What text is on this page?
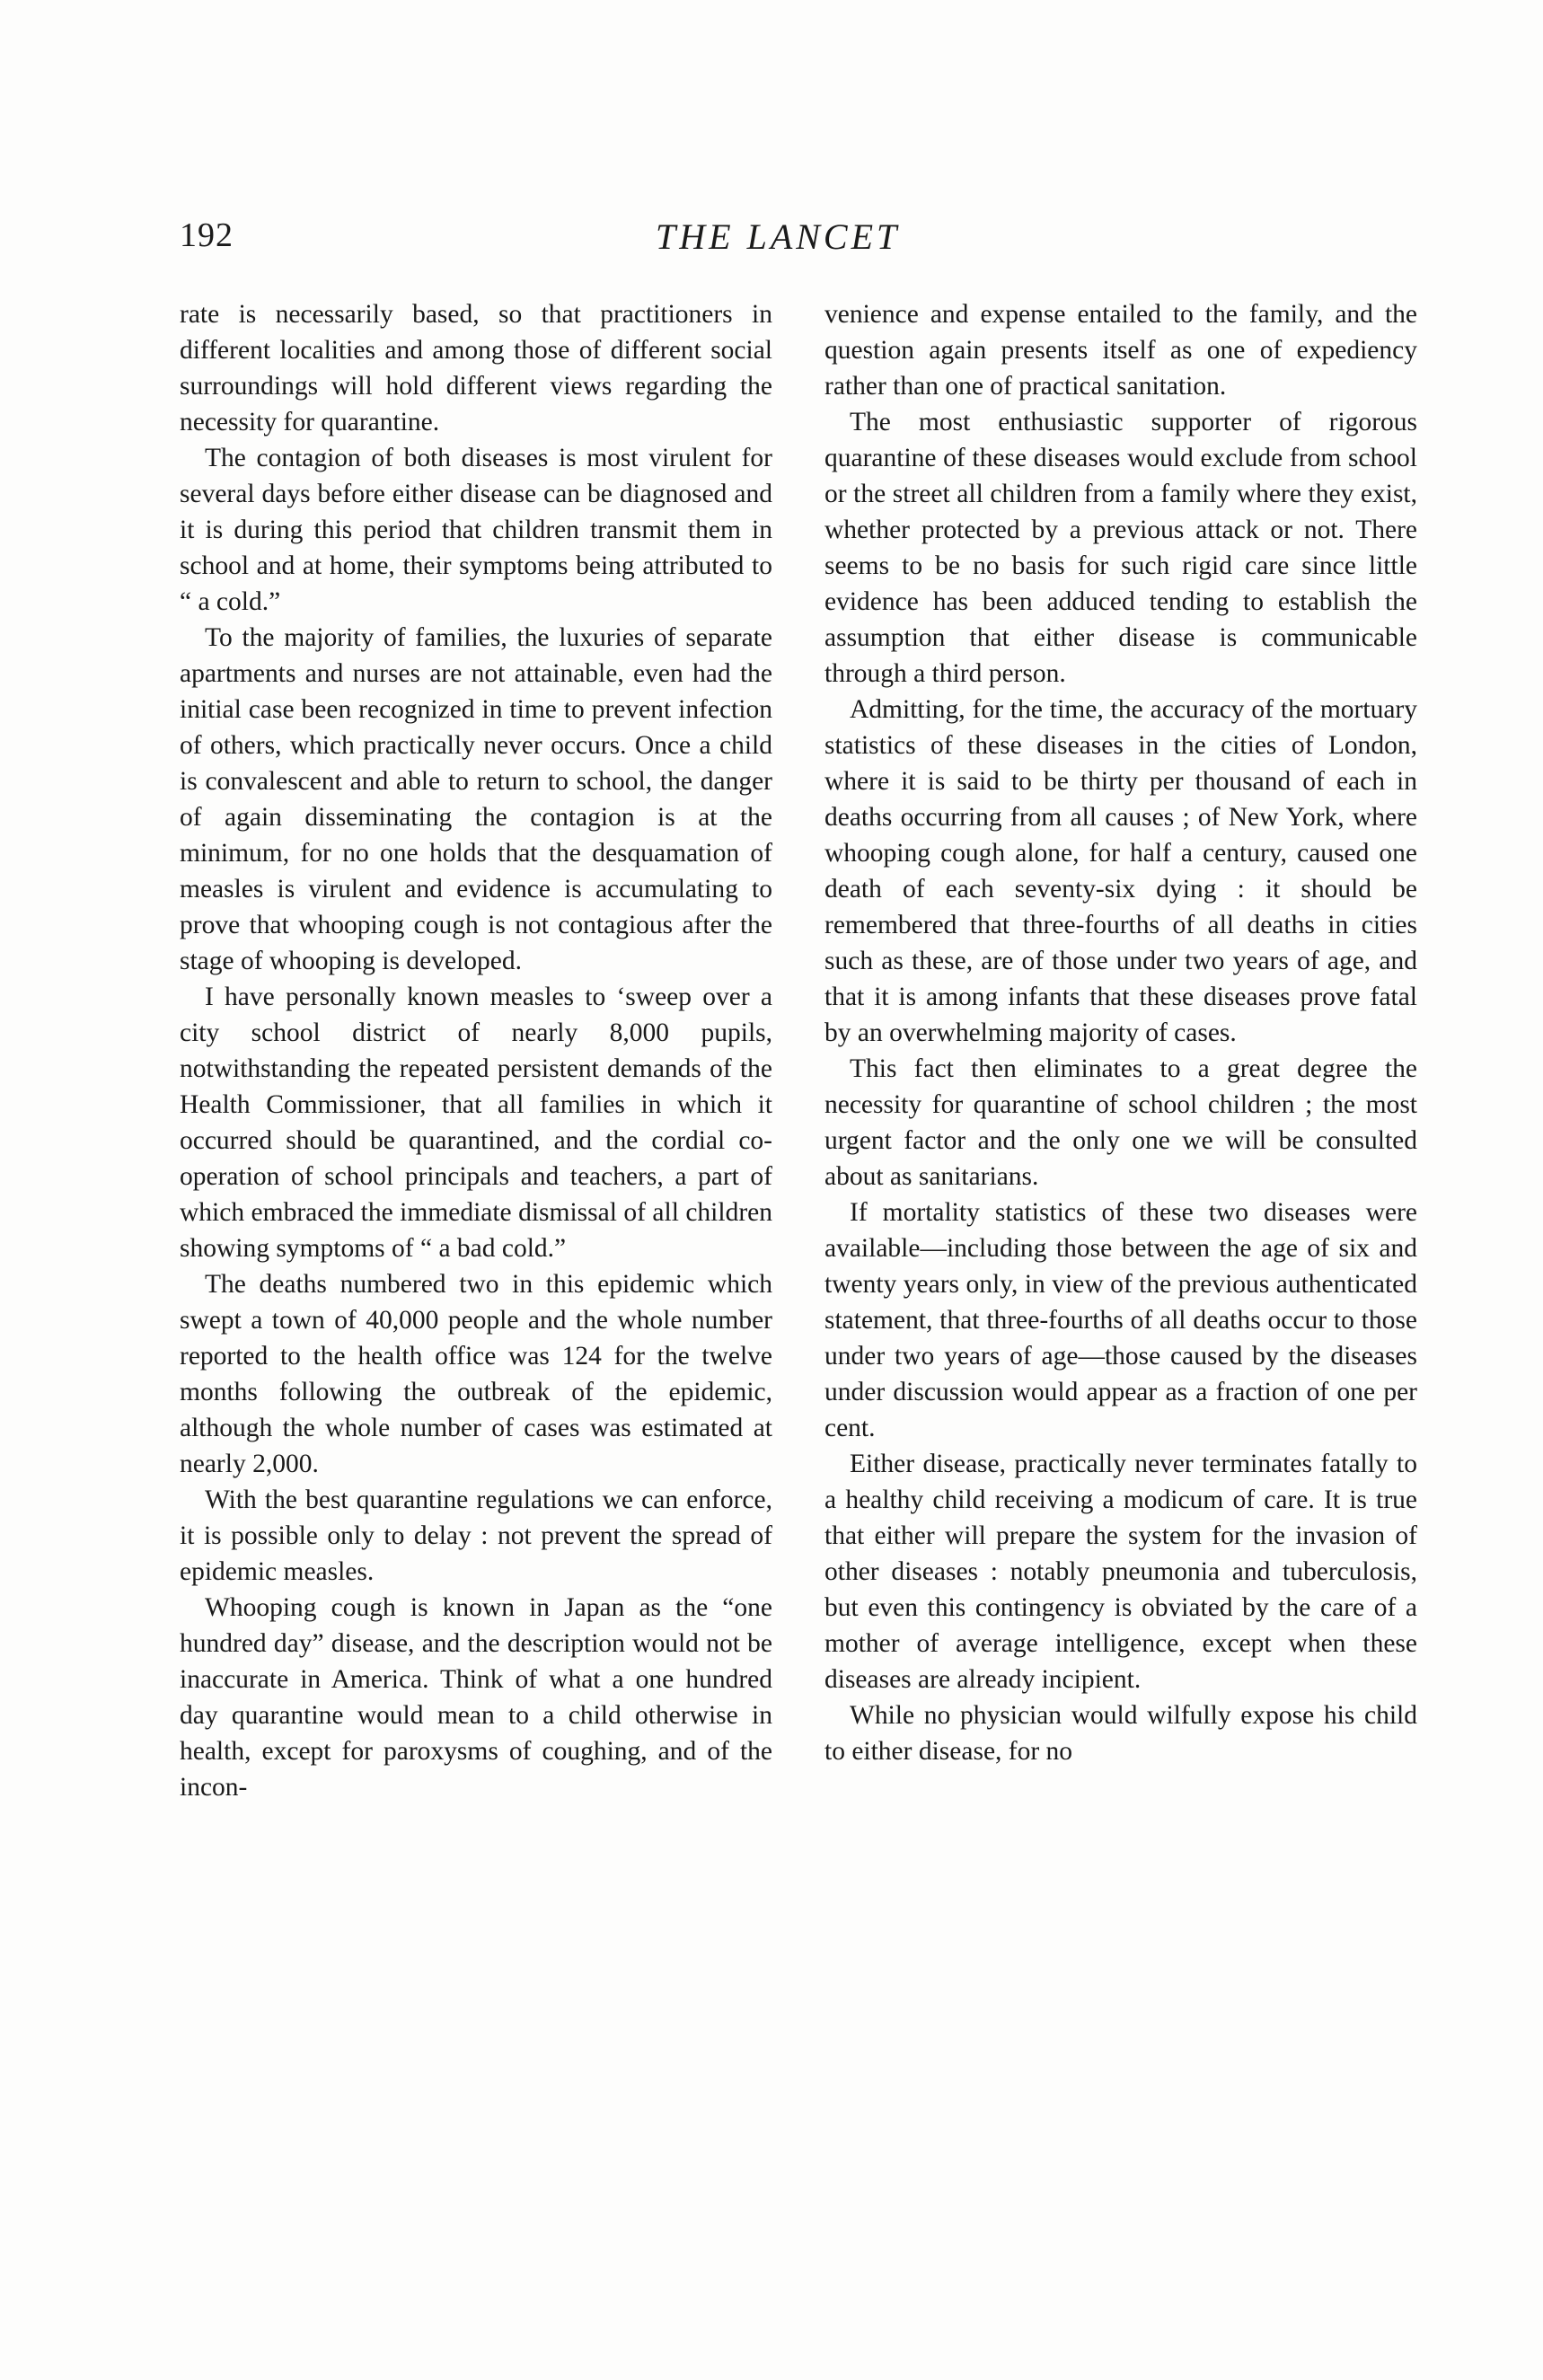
192	THE LANCET

rate is necessarily based, so that practitioners in different localities and among those of different social surroundings will hold different views regarding the necessity for quarantine.

The contagion of both diseases is most virulent for several days before either disease can be diagnosed and it is during this period that children transmit them in school and at home, their symptoms being attributed to “ a cold.”

To the majority of families, the luxuries of separate apartments and nurses are not attainable, even had the initial case been recognized in time to prevent infection of others, which practically never occurs. Once a child is convalescent and able to return to school, the danger of again disseminating the contagion is at the minimum, for no one holds that the desquamation of measles is virulent and evidence is accumulating to prove that whooping cough is not contagious after the stage of whooping is developed.

I have personally known measles to ‘sweep over a city school district of nearly 8,000 pupils, notwithstanding the repeated persistent demands of the Health Commissioner, that all families in which it occurred should be quarantined, and the cordial co-operation of school principals and teachers, a part of which embraced the immediate dismissal of all children showing symptoms of “ a bad cold.”

The deaths numbered two in this epidemic which swept a town of 40,000 people and the whole number reported to the health office was 124 for the twelve months following the outbreak of the epidemic, although the whole number of cases was estimated at nearly 2,000.

With the best quarantine regulations we can enforce, it is possible only to delay : not prevent the spread of epidemic measles.

Whooping cough is known in Japan as the “one hundred day” disease, and the description would not be inaccurate in America. Think of what a one hundred day quarantine would mean to a child otherwise in health, except for paroxysms of coughing, and of the incon-

venience and expense entailed to the family, and the question again presents itself as one of expediency rather than one of practical sanitation.

The most enthusiastic supporter of rigorous quarantine of these diseases would exclude from school or the street all children from a family where they exist, whether protected by a previous attack or not. There seems to be no basis for such rigid care since little evidence has been adduced tending to establish the assumption that either disease is communicable through a third person.

Admitting, for the time, the accuracy of the mortuary statistics of these diseases in the cities of London, where it is said to be thirty per thousand of each in deaths occurring from all causes ; of New York, where whooping cough alone, for half a century, caused one death of each seventy-six dying : it should be remembered that three-fourths of all deaths in cities such as these, are of those under two years of age, and that it is among infants that these diseases prove fatal by an overwhelming majority of cases.

This fact then eliminates to a great degree the necessity for quarantine of school children ; the most urgent factor and the only one we will be consulted about as sanitarians.

If mortality statistics of these two diseases were available—including those between the age of six and twenty years only, in view of the previous authenticated statement, that three-fourths of all deaths occur to those under two years of age—those caused by the diseases under discussion would appear as a fraction of one per cent.

Either disease, practically never terminates fatally to a healthy child receiving a modicum of care. It is true that either will prepare the system for the invasion of other diseases : notably pneumonia and tuberculosis, but even this contingency is obviated by the care of a mother of average intelligence, except when these diseases are already incipient.

While no physician would wilfully expose his child to either disease, for no
